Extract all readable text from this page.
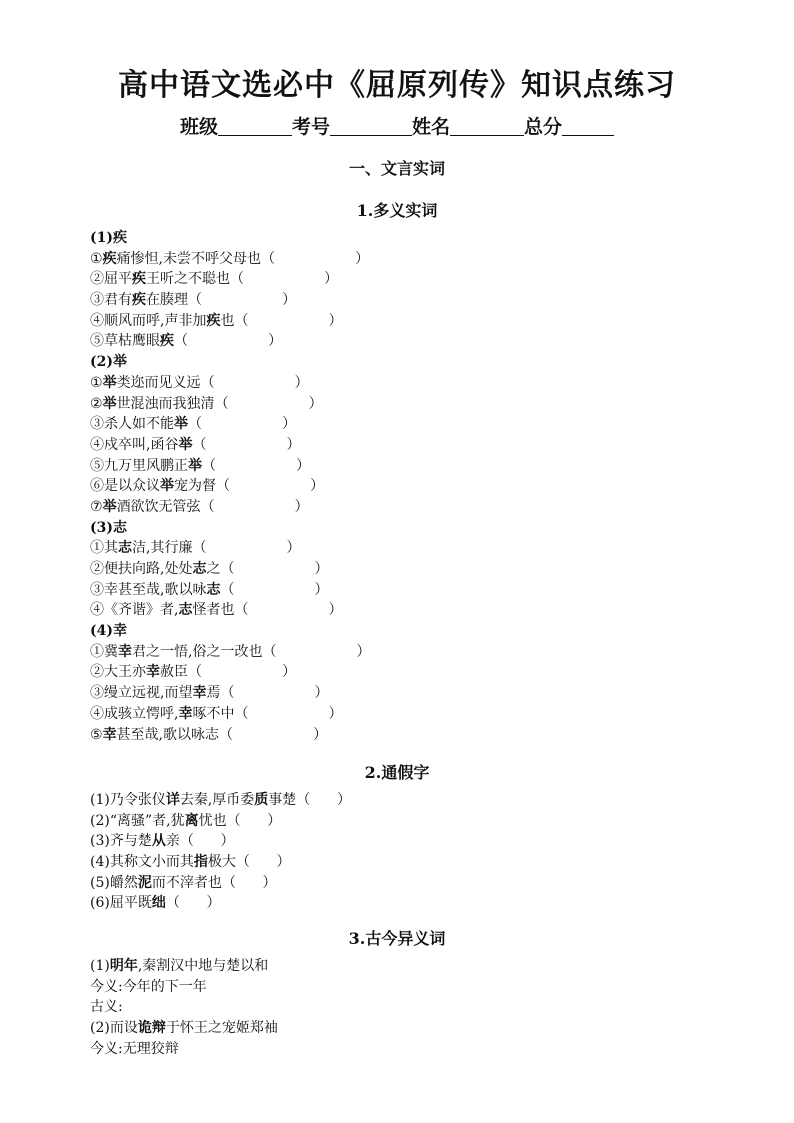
高中语文选必中《屈原列传》知识点练习
班级	考号	姓名	总分
一、文言实词
1.多义实词
(1)疾
①疾痛惨怛,未尝不呼父母也（                  ）
②屈平疾王听之不聪也（                  ）
③君有疾在腠理（                  ）
④顺风而呼,声非加疾也（                  ）
⑤草枯鹰眼疾（                  ）
(2)举
①举类迩而见义远（                  ）
②举世混浊而我独清（                  ）
③杀人如不能举（                  ）
④戍卒叫,函谷举（                  ）
⑤九万里风鹏正举（                  ）
⑥是以众议举宠为督（                  ）
⑦举酒欲饮无管弦（                  ）
(3)志
①其志洁,其行廉（                  ）
②便扶向路,处处志之（                  ）
③幸甚至哉,歌以咏志（                  ）
④《齐谐》者,志怪者也（                  ）
(4)幸
①冀幸君之一悟,俗之一改也（                  ）
②大王亦幸赦臣（                  ）
③缦立远视,而望幸焉（                  ）
④成骇立愕呼,幸啄不中（                  ）
⑤幸甚至哉,歌以咏志（                  ）
2.通假字
(1)乃令张仪详去秦,厚币委质事楚（      ）
(2)“离骚”者,犹离忧也（      ）
(3)齐与楚从亲（      ）
(4)其称文小而其指极大（      ）
(5)皭然泥而不滓者也（      ）
(6)屈平既绌（      ）
3.古今异义词
(1)明年,秦割汉中地与楚以和
今义:今年的下一年
古义:
(2)而设诡辩于怀王之宠姬郑袖
今义:无理狡辩
